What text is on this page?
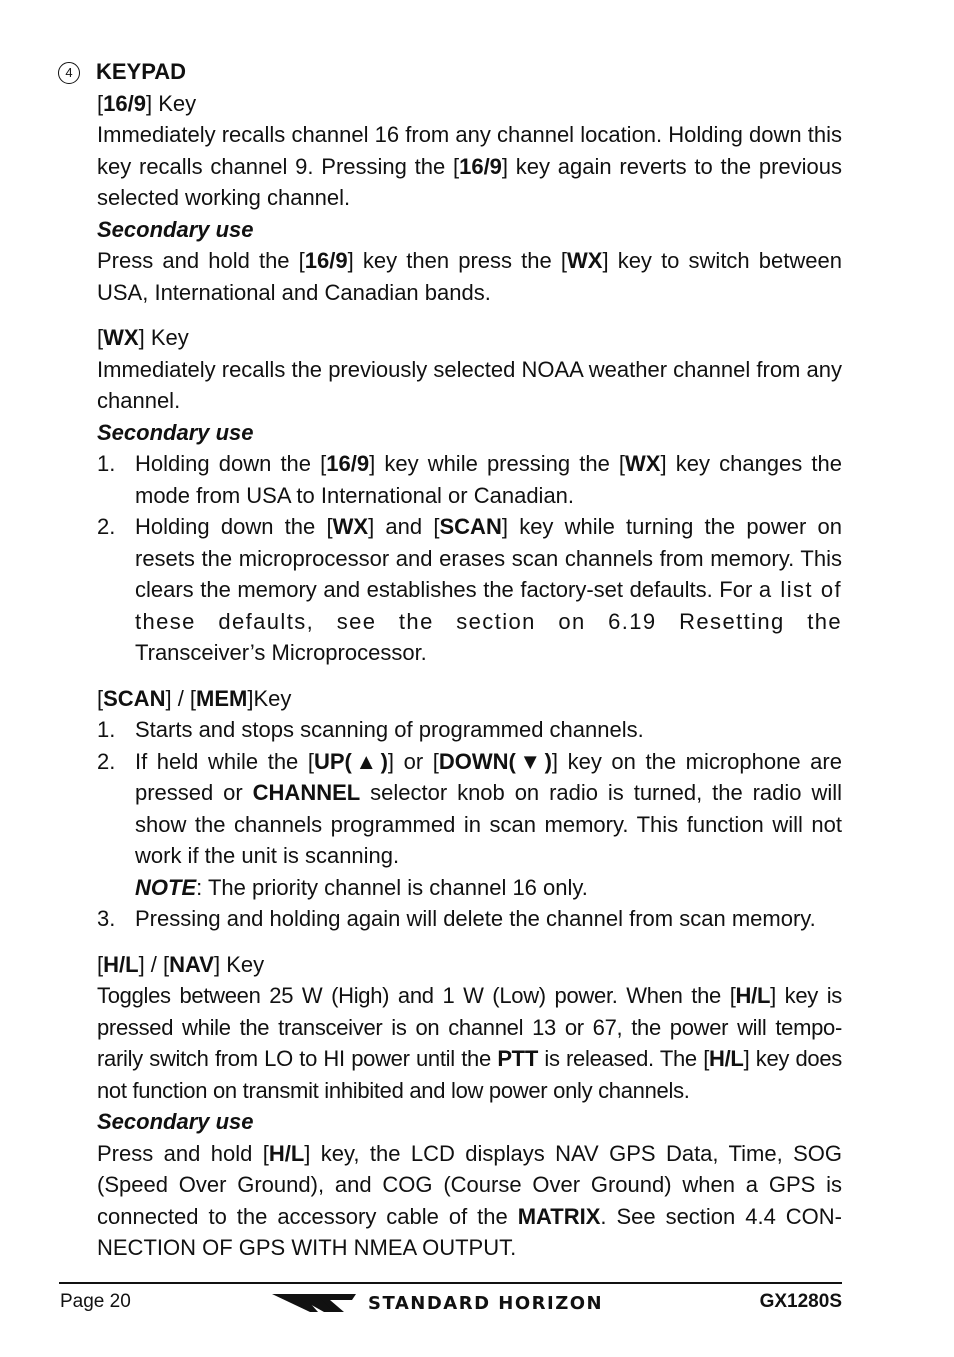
4 KEYPAD

[16/9] Key

Immediately recalls channel 16 from any channel location. Holding down this key recalls channel 9. Pressing the [16/9] key again reverts to the previous selected working channel.

Secondary use

Press and hold the [16/9] key then press the [WX] key to switch between USA, International and Canadian bands.

[WX] Key

Immediately recalls the previously selected NOAA weather channel from any channel.

Secondary use

1. Holding down the [16/9] key while pressing the [WX] key changes the mode from USA to International or Canadian.
2. Holding down the [WX] and [SCAN] key while turning the power on resets the microprocessor and erases scan channels from memory. This clears the memory and establishes the factory-set defaults. For a list of these defaults, see the section on 6.19 Resetting the Transceiver’s Microprocessor.

[SCAN] / [MEM]Key

1. Starts and stops scanning of programmed channels.
2. If held while the [UP(▲)] or [DOWN(▼)] key on the microphone are pressed or CHANNEL selector knob on radio is turned, the radio will show the channels programmed in scan memory. This function will not work if the unit is scanning.
NOTE: The priority channel is channel 16 only.
3. Pressing and holding again will delete the channel from scan memory.

[H/L] / [NAV] Key

Toggles between 25 W (High) and 1 W (Low) power. When the [H/L] key is pressed while the transceiver is on channel 13 or 67, the power will tempo-rarily switch from LO to HI power until the PTT is released. The [H/L] key does not function on transmit inhibited and low power only channels.

Secondary use

Press and hold [H/L] key, the LCD displays NAV GPS Data, Time, SOG (Speed Over Ground), and COG (Course Over Ground) when a GPS is connected to the accessory cable of the MATRIX. See section 4.4 CON-NECTION OF GPS WITH NMEA OUTPUT.

Page 20	STANDARD HORIZON	GX1280S
